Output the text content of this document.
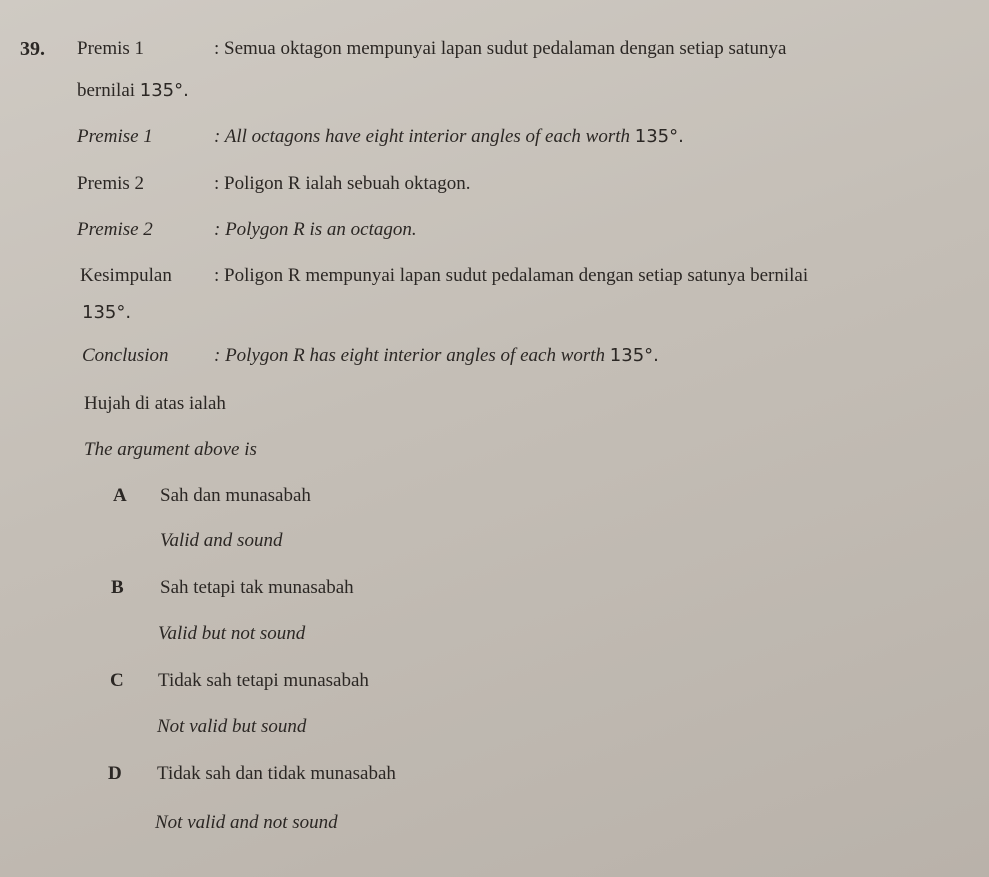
39. Premis 1	: Semua oktagon mempunyai lapan sudut pedalaman dengan setiap satunya
bernilai 135°.
Premise 1	: All octagons have eight interior angles of each worth 135°.
Premis 2	: Poligon R ialah sebuah oktagon.
Premise 2	: Polygon R is an octagon.
Kesimpulan : Poligon R mempunyai lapan sudut pedalaman dengan setiap satunya bernilai
135°.
Conclusion : Polygon R has eight interior angles of each worth 135°.
Hujah di atas ialah
The argument above is
A Sah dan munasabah
Valid and sound
B Sah tetapi tak munasabah
Valid but not sound
C Tidak sah tetapi munasabah
Not valid but sound
D Tidak sah dan tidak munasabah
Not valid and not sound
